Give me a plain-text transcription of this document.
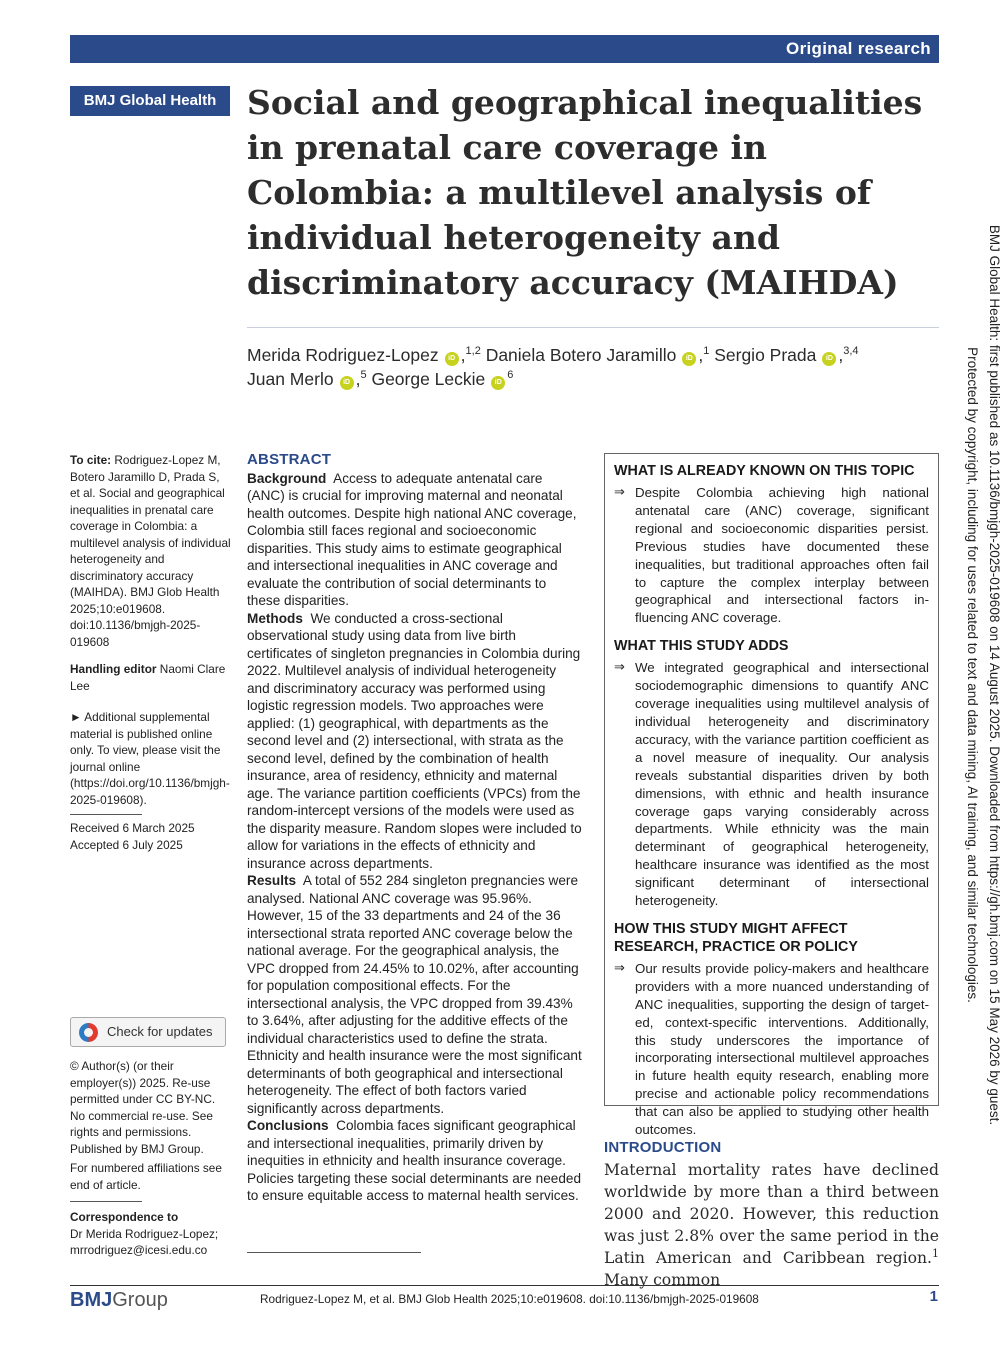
Original research
BMJ Global Health Social and geographical inequalities in prenatal care coverage in Colombia: a multilevel analysis of individual heterogeneity and discriminatory accuracy (MAIHDA)
Merida Rodriguez-Lopez iD ,$^{1,2}$ Daniela Botero Jaramillo iD ,$^1$ Sergio Prada iD ,$^{3,4}$
Juan Merlo iD ,$^5$ George Leckie $iD^6$
To cite: Rodriguez-Lopez M, Botero Jaramillo D, Prada S, et al. Social and geographical inequalities in prenatal care coverage in Colombia: a multilevel analysis of individual heterogeneity and discriminatory accuracy (MAIHDA). BMJ Glob Health 2025;10:e019608. doi:10.1136/bmjgh-2025-019608
Handling editor Naomi Clare Lee
► Additional supplemental material is published online only. To view, please visit the journal online (https://doi.org/10.1136/bmjgh-2025-019608).
Received 6 March 2025
Accepted 6 July 2025
Check for updates
© Author(s) (or their employer(s)) 2025. Re-use permitted under CC BY-NC. No commercial re-use. See rights and permissions. Published by BMJ Group.
For numbered affiliations see end of article.
Correspondence to
Dr Merida Rodriguez-Lopez;
mrrodriguez@icesi.edu.co
ABSTRACT

Background Access to adequate antenatal care (ANC) is crucial for improving maternal and neonatal health outcomes. Despite high national ANC coverage, Colombia still faces regional and socioeconomic disparities. This study aims to estimate geographical and intersectional inequalities in ANC coverage and evaluate the contribution of social determinants to these disparities.

Methods We conducted a cross-sectional observational study using data from live birth certificates of singleton pregnancies in Colombia during 2022. Multilevel analysis of individual heterogeneity and discriminatory accuracy was performed using logistic regression models. Two approaches were applied: (1) geographical, with departments as the second level and (2) intersectional, with strata as the second level, defined by the combination of health insurance, area of residency, ethnicity and maternal age. The variance partition coefficients (VPCs) from the random-intercept versions of the models were used as the disparity measure. Random slopes were included to allow for variations in the effects of ethnicity and insurance across departments.

Results A total of 552 284 singleton pregnancies were analysed. National ANC coverage was 95.96%. However, 15 of the 33 departments and 24 of the 36 intersectional strata reported ANC coverage below the national average. For the geographical analysis, the VPC dropped from 24.45% to 10.02%, after accounting for population compositional effects. For the intersectional analysis, the VPC dropped from 39.43% to 3.64%, after adjusting for the additive effects of the individual characteristics used to define the strata. Ethnicity and health insurance were the most significant determinants of both geographical and intersectional heterogeneity. The effect of both factors varied significantly across departments.

Conclusions Colombia faces significant geographical and intersectional inequalities, primarily driven by inequities in ethnicity and health insurance coverage. Policies targeting these social determinants are needed to ensure equitable access to maternal health services.

WHAT IS ALREADY KNOWN ON THIS TOPIC
⇒ Despite Colombia achieving high national antenatal care (ANC) coverage, significant regional and socioeconomic disparities persist. Previous studies have documented these inequalities, but traditional approaches often fail to capture the complex interplay between geographical and intersectional factors influencing ANC coverage.
WHAT THIS STUDY ADDS
⇒ We integrated geographical and intersectional sociodemographic dimensions to quantify ANC coverage inequalities using multilevel analysis of individual heterogeneity and discriminatory accuracy, with the variance partition coefficient as a novel measure of inequality. Our analysis reveals substantial disparities driven by both dimensions, with ethnic and health insurance coverage gaps varying considerably across departments. While ethnicity was the main determinant of geographical heterogeneity, healthcare insurance was identified as the most significant determinant of intersectional heterogeneity.
HOW THIS STUDY MIGHT AFFECT RESEARCH, PRACTICE OR POLICY
⇒ Our results provide policy-makers and healthcare providers with a more nuanced understanding of ANC inequalities, supporting the design of targeted, context-specific interventions. Additionally, this study underscores the importance of incorporating intersectional multilevel approaches in future health equity research, enabling more precise and actionable policy recommendations that can also be applied to studying other health outcomes.
INTRODUCTION
Maternal mortality rates have declined worldwide by more than a third between 2000 and 2020. However, this reduction was just 2.8% over the same period in the Latin American and Caribbean region.$^1$ Many common
BMJ Global Health: first published as 10.1136/bmjgh-2025-019608 on 14 August 2025. Downloaded from https://gh.bmj.com on 15 May 2026 by guest.
Protected by copyright, including for uses related to text and data mining, AI training, and similar technologies.
BMJGroup	Rodriguez-Lopez M, et al. BMJ Glob Health 2025;10:e019608. doi:10.1136/bmjgh-2025-019608	1
